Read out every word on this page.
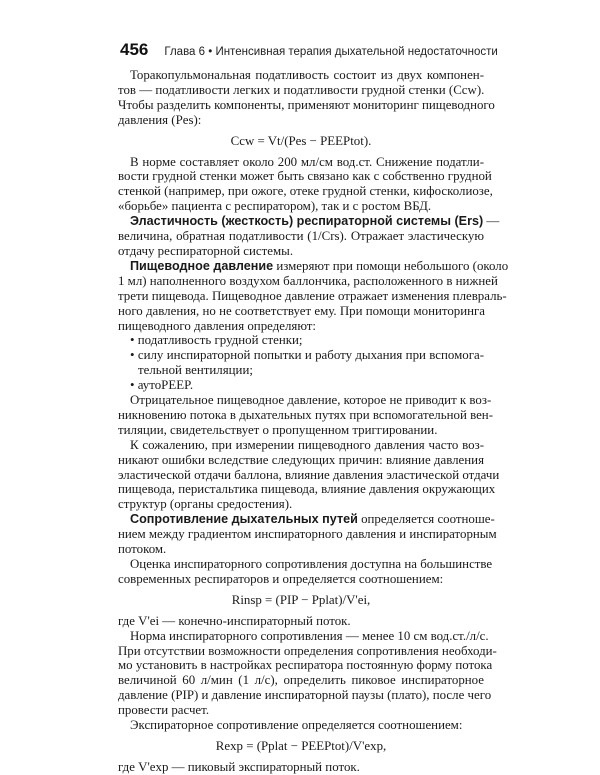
456 Глава 6 • Интенсивная терапия дыхательной недостаточности
Торакопульмональная податливость состоит из двух компонен-
тов — податливости легких и податливости грудной стенки (Ccw).
Чтобы разделить компоненты, применяют мониторинг пищеводного
давления (Pes):
Ccw = Vt/(Pes − PEEPtot).
В норме составляет около 200 мл/см вод.ст. Снижение податли-
вости грудной стенки может быть связано как с собственно грудной
стенкой (например, при ожоге, отеке грудной стенки, кифосколиозе,
«борьбе» пациента с респиратором), так и с ростом ВБД.
Эластичность (жесткость) респираторной системы (Ers) —
величина, обратная податливости (1/Crs). Отражает эластическую
отдачу респираторной системы.
Пищеводное давление измеряют при помощи небольшого (около
1 мл) наполненного воздухом баллончика, расположенного в нижней
трети пищевода. Пищеводное давление отражает изменения плевраль-
ного давления, но не соответствует ему. При помощи мониторинга
пищеводного давления определяют:
• податливость грудной стенки;
• силу инспираторной попытки и работу дыхания при вспомога-
тельной вентиляции;
• аутоPEEP.
Отрицательное пищеводное давление, которое не приводит к воз-
никновению потока в дыхательных путях при вспомогательной вен-
тиляции, свидетельствует о пропущенном триггировании.
К сожалению, при измерении пищеводного давления часто воз-
никают ошибки вследствие следующих причин: влияние давления
эластической отдачи баллона, влияние давления эластической отдачи
пищевода, перистальтика пищевода, влияние давления окружающих
структур (органы средостения).
Сопротивление дыхательных путей определяется соотноше-
нием между градиентом инспираторного давления и инспираторным
потоком.
Оценка инспираторного сопротивления доступна на большинстве
современных респираторов и определяется соотношением:
Rinsp = (PIP − Pplat)/V'ei,
где V'ei — конечно-инспираторный поток.
Норма инспираторного сопротивления — менее 10 см вод.ст./л/с.
При отсутствии возможности определения сопротивления необходи-
мо установить в настройках респиратора постоянную форму потока
величиной 60 л/мин (1 л/с), определить пиковое инспираторное
давление (PIP) и давление инспираторной паузы (плато), после чего
провести расчет.
Экспираторное сопротивление определяется соотношением:
Rexp = (Pplat − PEEPtot)/V'exp,
где V'exp — пиковый экспираторный поток.
